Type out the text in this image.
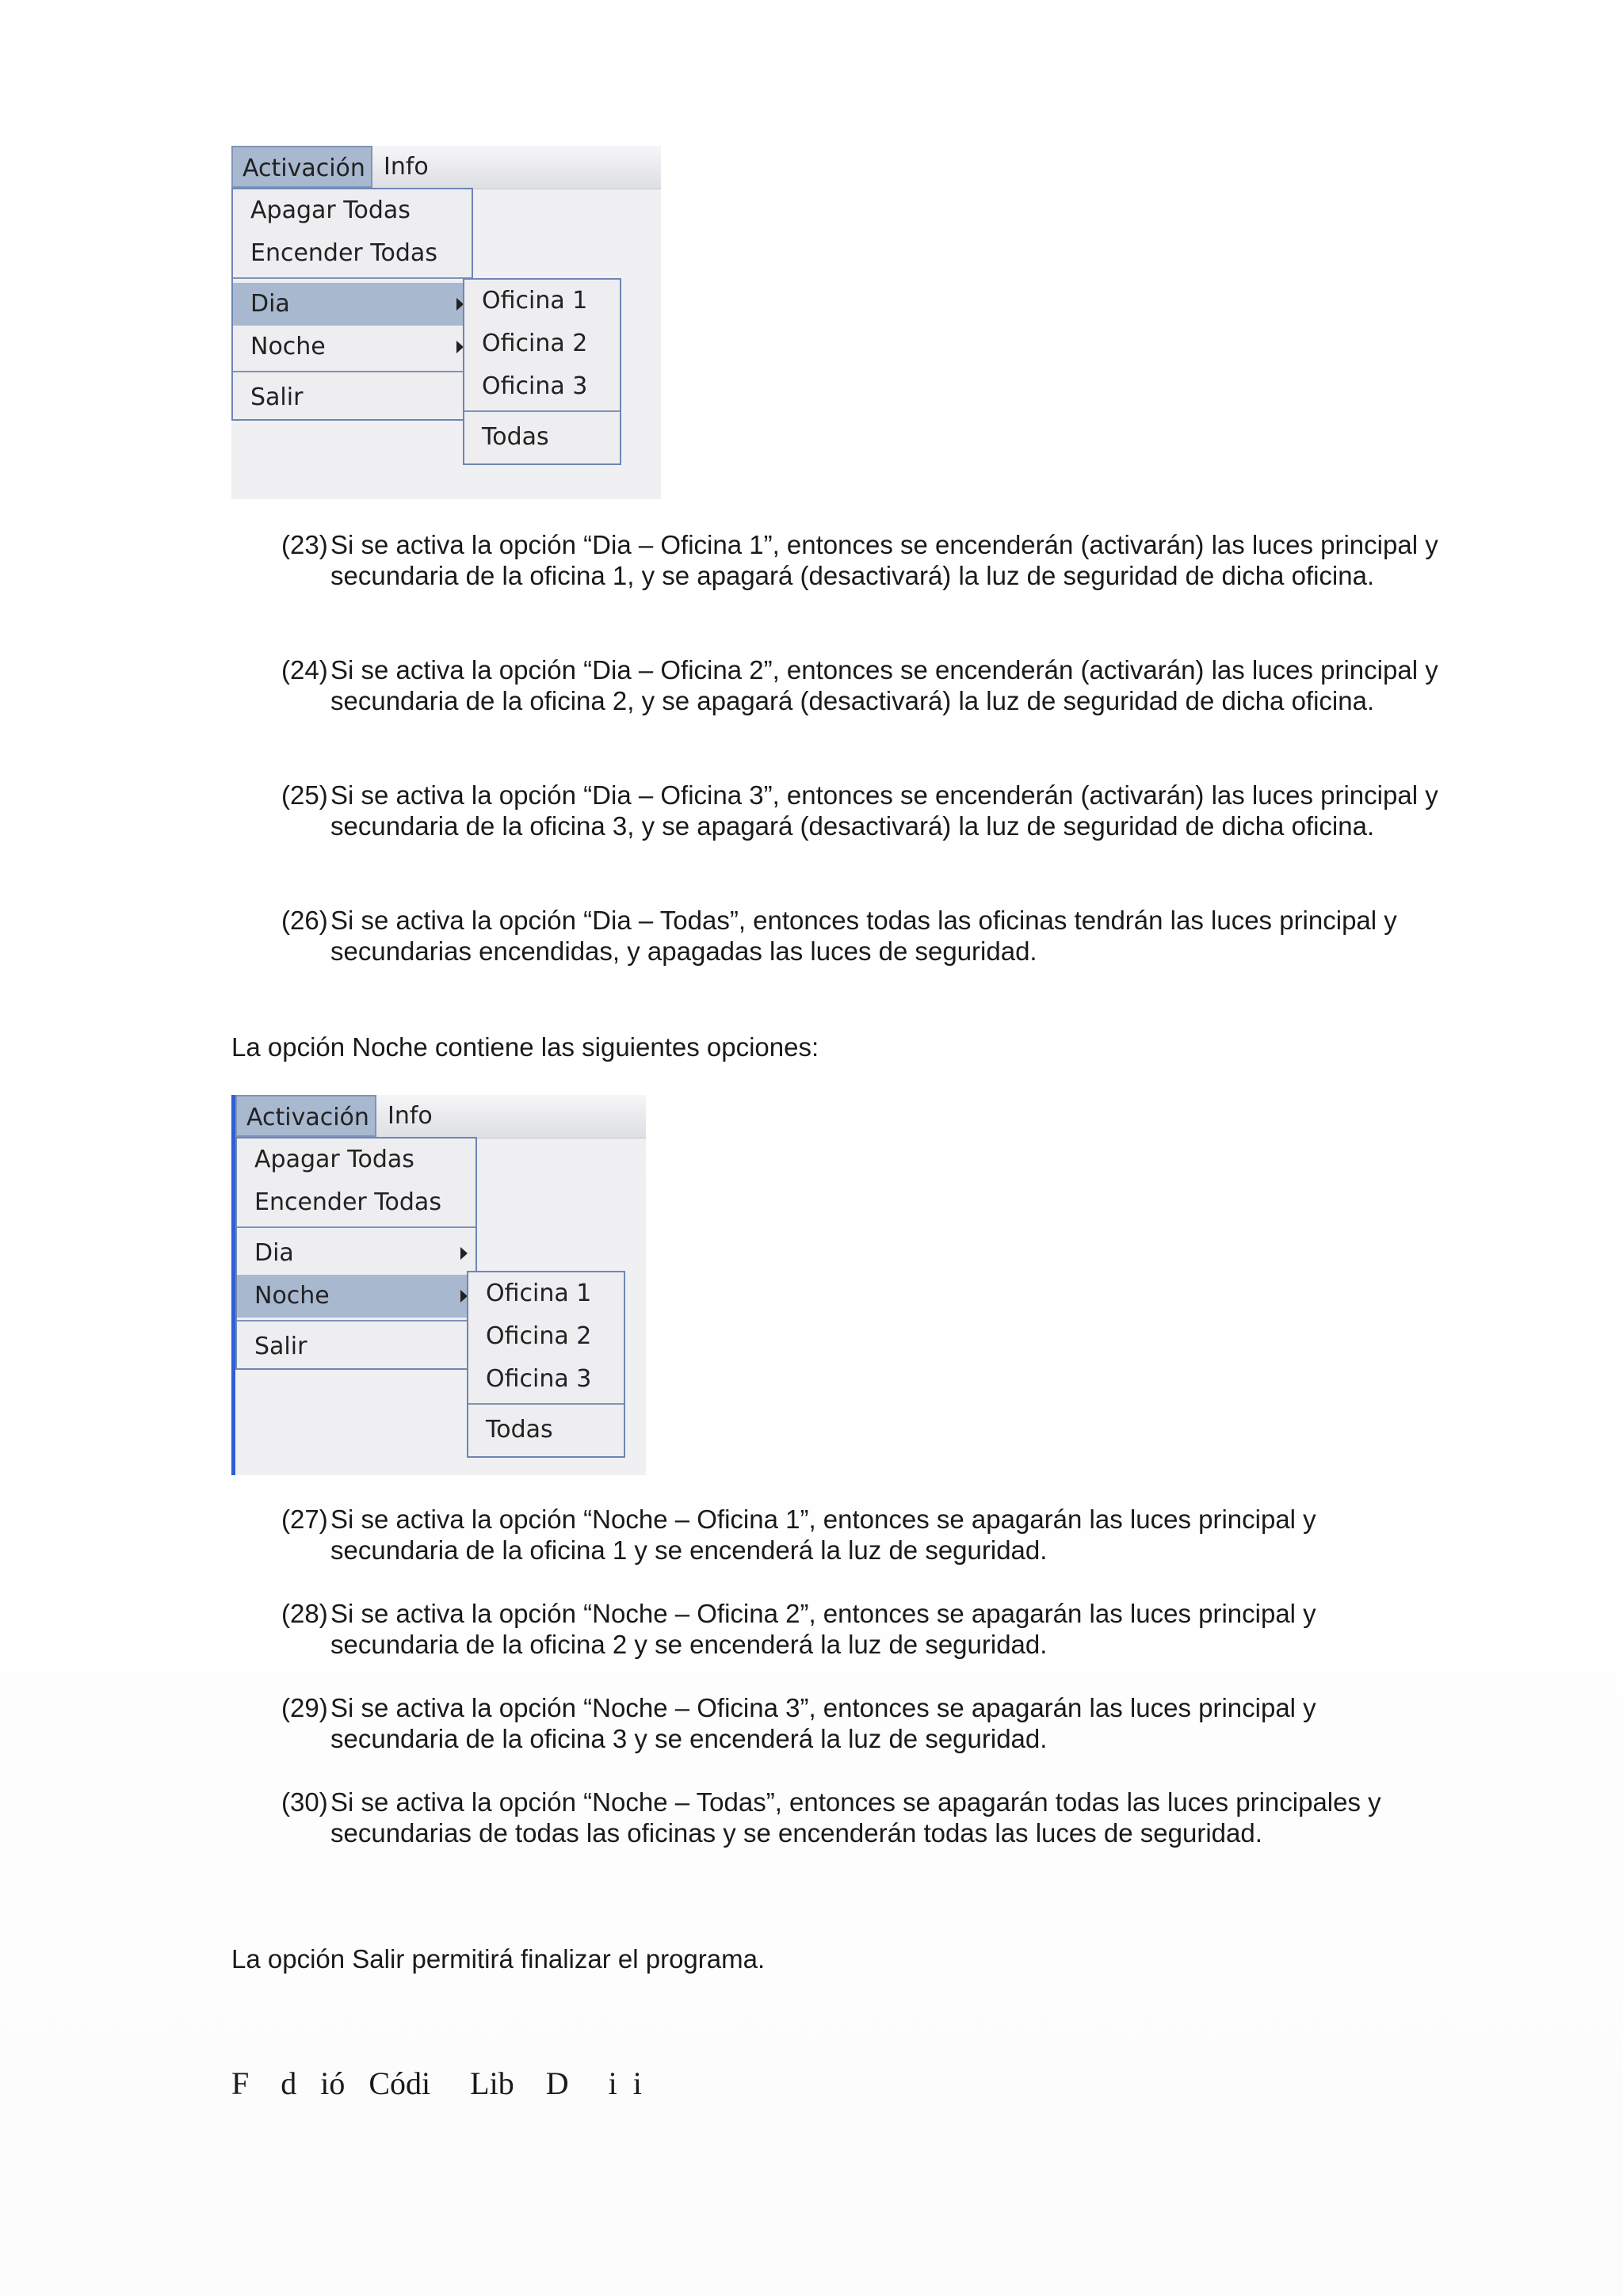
Activación Info
Apagar Todas
Encender Todas
Dia
Noche
Salir
Oficina 1
Oficina 2
Oficina 3
Todas
(23) Si se activa la opción “Dia – Oficina 1”, entonces se encenderán (activarán) las luces principal y secundaria de la oficina 1, y se apagará (desactivará) la luz de seguridad de dicha oficina.
(24) Si se activa la opción “Dia – Oficina 2”, entonces se encenderán (activarán) las luces principal y secundaria de la oficina 2, y se apagará (desactivará) la luz de seguridad de dicha oficina.
(25) Si se activa la opción “Dia – Oficina 3”, entonces se encenderán (activarán) las luces principal y secundaria de la oficina 3, y se apagará (desactivará) la luz de seguridad de dicha oficina.
(26) Si se activa la opción “Dia – Todas”, entonces todas las oficinas tendrán las luces principal y secundarias encendidas, y apagadas las luces de seguridad.
La opción Noche contiene las siguientes opciones:
Activación Info
Apagar Todas
Encender Todas
Dia
Noche
Salir
Oficina 1
Oficina 2
Oficina 3
Todas
(27) Si se activa la opción “Noche – Oficina 1”, entonces se apagarán las luces principal y secundaria de la oficina 1 y se encenderá la luz de seguridad.
(28) Si se activa la opción “Noche – Oficina 2”, entonces se apagarán las luces principal y secundaria de la oficina 2 y se encenderá la luz de seguridad.
(29) Si se activa la opción “Noche – Oficina 3”, entonces se apagarán las luces principal y secundaria de la oficina 3 y se encenderá la luz de seguridad.
(30) Si se activa la opción “Noche – Todas”, entonces se apagarán todas las luces principales y secundarias de todas las oficinas y se encenderán todas las luces de seguridad.
La opción Salir permitirá finalizar el programa.
F    d   ió   Códi     Lib    D     i  i
